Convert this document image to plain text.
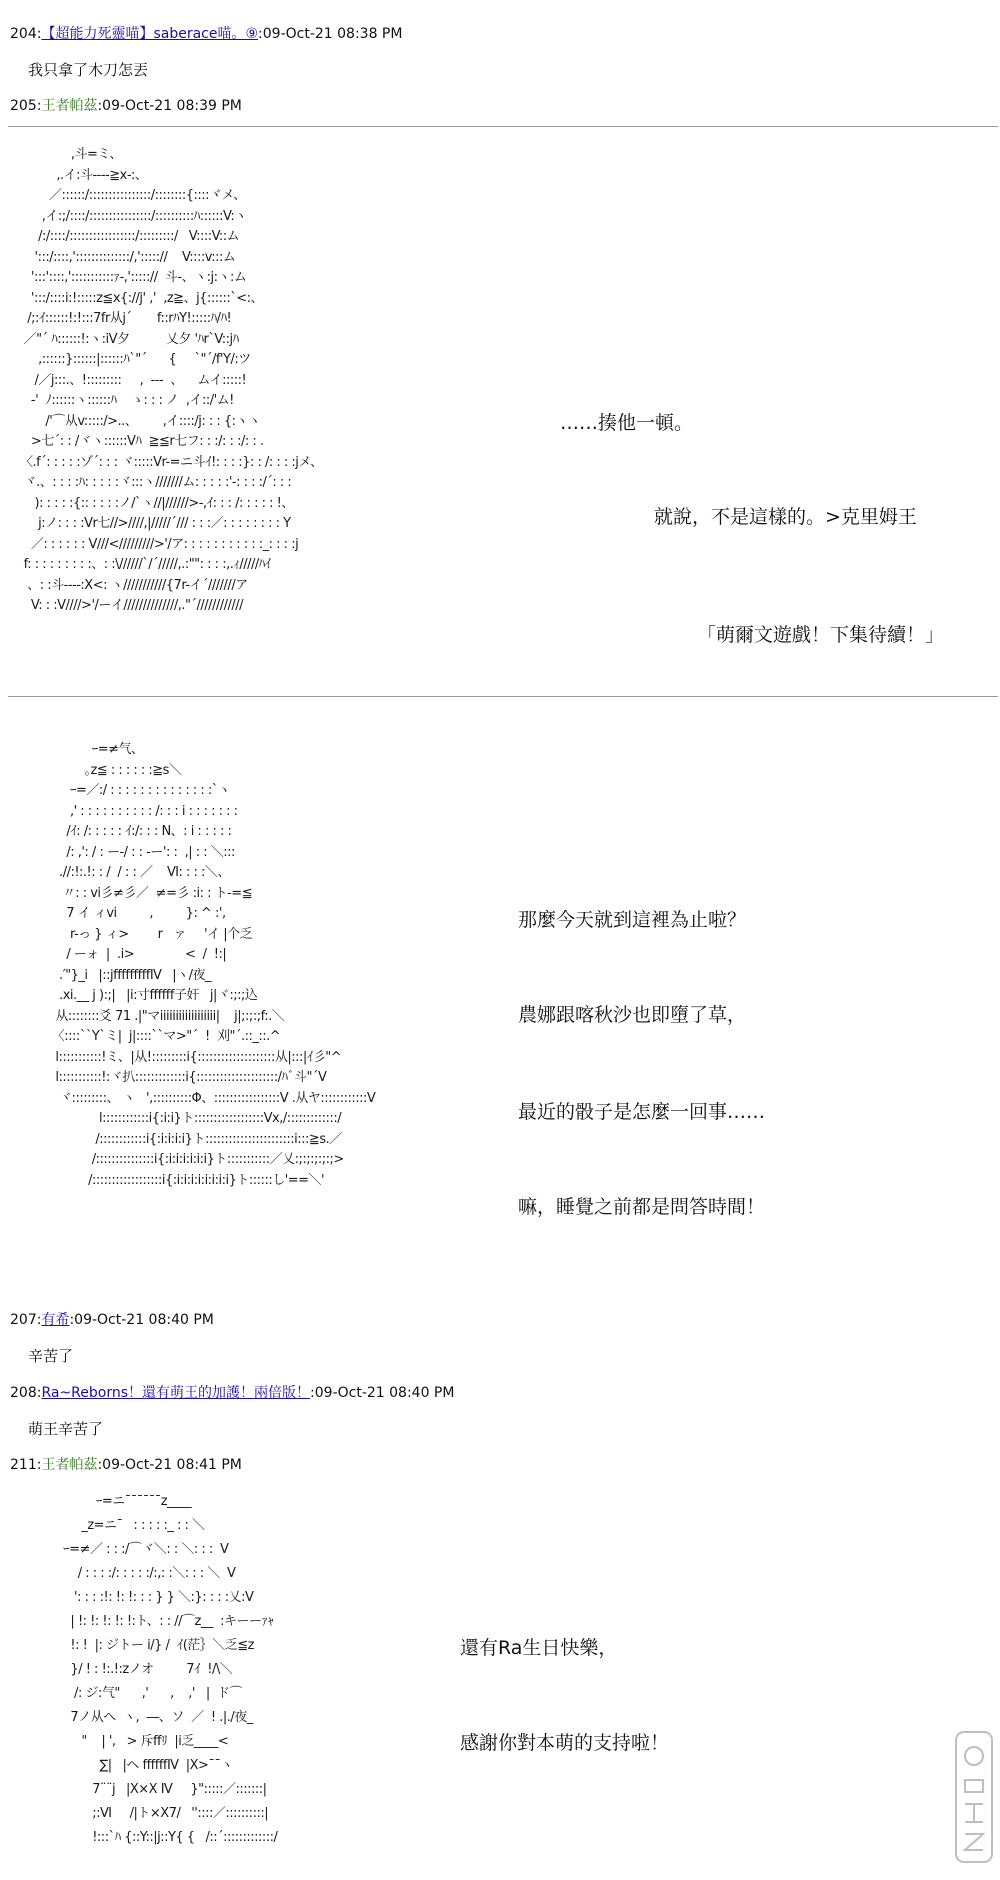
204:【超能力死靈喵】saberace喵。⑨:09-Oct-21 08:38 PM
我只拿了木刀怎丟
205:王者帕茲:09-Oct-21 08:39 PM
,斗=ミ、
,.イ:斗----≧x-:、
／::::::/::::::::::::::::/::::::::{::::ヾメ、
,イ:;/::::/::::::::::::::::/::::::::::ﾊ::::::V:ヽ
/:/::::/:::::::::::::::::/:::::::::/   V::::V::ム
':::/::::,'::::::::::::::/,'::::://    V::::v:::ム
':::'::::,':::::::::::ｧ-,'::::://  斗-、ヽ:j:ヽ:ム
':::/::::i:!:::::z≦x{://j' ,'  ,z≧、j{::::::`<:、
/;:ｲ::::::!:!:::7fr从j´       f::rﾊY!:::::ﾊ/ﾊ!
／"´ ﾊ::::::!:ヽ:iV夕          乂夕 'ﾊr`V::jﾊ
,::::::}::::::|::::::ﾊ`"´      {     `"´/f'Y/:ツ
/／j:::.、!:::::::::     ,  ---  、    ムイ:::::!
-'  ﾉ::::::ヽ::::::ﾊ    ゝ: : : ノ  ,イ::/'ム!
/'⌒从v:::::/>..、       ,イ::::/j: : : {:ヽヽ
>七´: : /ヾヽ::::::Vﾊ  ≧≦r七フ: : :/: : :/: : .
〈.f´: : : : :ゾ´: : : ヾ:::::Vr-=ニ斗ｲ!: : : :}: : /: : : :jメ、
ヾ.、: : : :ﾊ: : : : :ヾ:::ヽ///////ム: : : : :'-: : : :/´: : :
): : : : :{:: : : : :ノ/`ヽ//|//////>-,ｲ: : : /: : : : : !、
j:ノ: : : :Vr七//>////,|/////´/// : : :／: : : : : : : : Y
／: : : : : : V///</////////>'/ア: : : : : : : : : : :_: : : :j
f: : : : : : : : :、: :\//////`/´/////,.:"": : : :,.ｨ/////ﾊｲ
、: :斗----:X<: ヽ///////////{7r-イ´///////ア
V: : :V////>'/ーイ//////////////,."´////////////
……揍他一頓。
就說，不是這樣的。>克里姆王
「萌爾文遊戲！下集待續！」
ｰ=≠气、
｡z≦ : : : : : :≧s＼
ｰ=／:/ : : : : : : : : : : : : : :`ヽ
,' : : : : : : : : : : /: : : i : : : : : : :
/ｲ: /: : : : : ｲ:/: : : N、: i : : : : :
/: ,': / : ー-/ : : -ー': :  ,| : : ＼:::
.//:!:.!: : /  / : : ／    Ⅵ: : : :＼、
〃: : vi彡≠彡／  ≠=彡 :i: : ト-=≦
7 イ ィvi         ,         }: ^ :',
r-っ } ィ>        r   ァ     'イ |个乏
/ ーォ  |  .i>              <  /  !:|
.′"}_i   |::jfffffffffⅣ   |ヽ/夜_
.xi.__ j ):;|   |i:寸ffffff子奸   j|ヾ:;:;込
从::::::::爻 71 .|"マiiiiiiiiiiiiiiiiii|    j|;:;:;f:.＼
〈::::``Y`ミ|  j|::::``マ>"´  !  刈"´.::_::.^
l:::::::::::!ミ、|从!:::::::::i{::::::::::::::::::::从|:::|ｲ彡"^
l:::::::::::!:ヾ扒:::::::::::::i{:::::::::::::::::::::/ﾊﾞ斗"´V
ヾ:::::::::、 ヽ   ',::::::::::Φ、:::::::::::::::::V .从ヤ::::::::::::V
l::::::::::::i{:i:i}ト::::::::::::::::::Vx,/:::::::::::::/
/::::::::::::i{:i:i:i:i}ト:::::::::::::::::::::::i:::≧s.／
/:::::::::::::::i{:i:i:i:i:i:i}ト:::::::::::／乂:;:;:;:;:;>
/::::::::::::::::::i{:i:i:i:i:i:i:i:i}ト::::::し'==＼'
那麼今天就到這裡為止啦？
農娜跟喀秋沙也即墮了草，
最近的骰子是怎麼一回事……
嘛，睡覺之前都是問答時間！
207:有希:09-Oct-21 08:40 PM
辛苦了
208:Ra~Reborns！還有萌王的加護！兩倍版！:09-Oct-21 08:40 PM
萌王辛苦了
211:王者帕茲:09-Oct-21 08:41 PM
ｰ=ニ¯¯¯¯¯¯z____
_z=ニ¯   : : : : :_ : : ＼
ｰ=≠／ : : :/⌒ヾ＼: : ＼: : :  V
/ : : : :/: : : : :/:,: :＼: : : ＼  V
': : : :!: !: !: : : } } ＼:}: : : :乂:V
| !: !: !: !: !:ト、: : //⌒z__  :キーーｧｬ
!: !  |: ジトー i/} /  ｲ(茫｝＼乏≦z
}/ ! : !:.!:zノオ         7ｲ  !/\＼
/: ジ:气"      ,'      ,    ,'   |  ド⌒
7ノ从へ  ヽ,  ―、ソ  ／  ! .|./夜_
"    | ',   > 斥ffﾘ  |i乏____<
∑|   |ヘ ffffffⅣ  |X>¯¯ヽ
7¨¨j   |X×X Ⅳ     }":::::／:::::::|
;:Ⅵ     /|ト×X7/   ''::::／::::::::::|
!:::`ﾊ {::Y::|j::Y{ {   /::´:::::::::::::/
還有Ra生日快樂，
感謝你對本萌的支持啦！
